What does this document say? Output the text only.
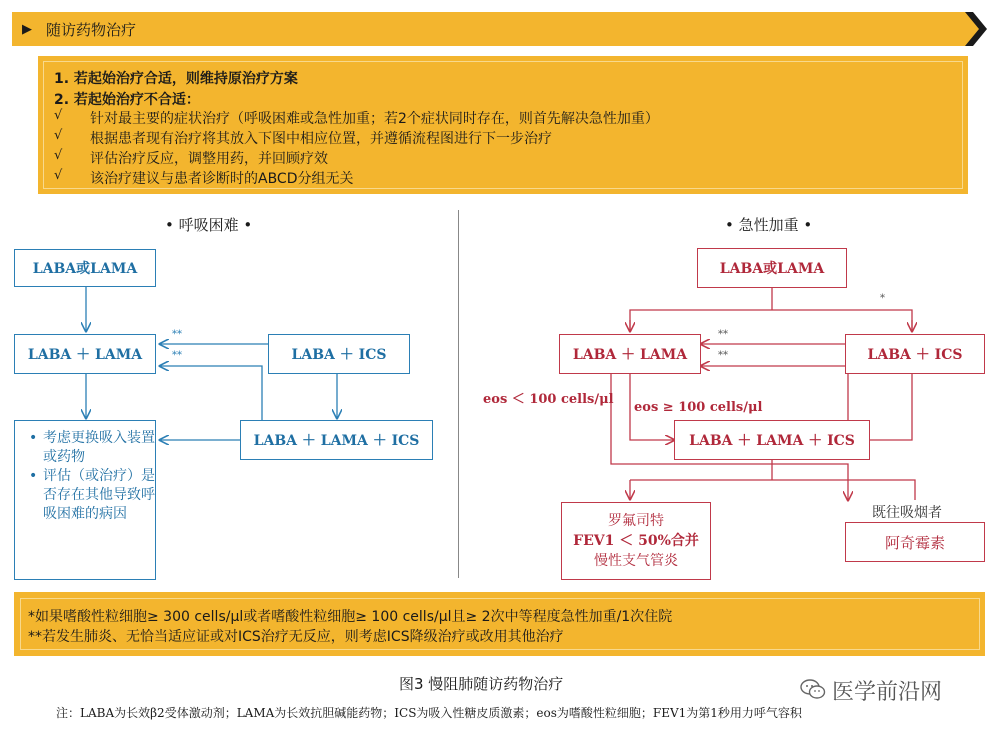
▶ 随访药物治疗
1. 若起始治疗合适，则维持原治疗方案
2. 若起始治疗不合适：
√ 针对最主要的症状治疗（呼吸困难或急性加重；若2个症状同时存在，则首先解决急性加重）
√ 根据患者现有治疗将其放入下图中相应位置，并遵循流程图进行下一步治疗
√ 评估治疗反应，调整用药，并回顾疗效
√ 该治疗建议与患者诊断时的ABCD分组无关
• 呼吸困难 •	• 急性加重 •
LABA或LAMA
LABA ＋ LAMA	LABA ＋ ICS
LABA ＋ LAMA ＋ ICS
**
**
• 考虑更换吸入装置或药物
• 评估（或治疗）是否存在其他导致呼吸困难的病因
LABA或LAMA
LABA ＋ LAMA	LABA ＋ ICS
LABA ＋ LAMA ＋ ICS
*
**
**
eos ＜ 100 cells/μl
eos ≥ 100 cells/μl
罗氟司特
FEV1 ＜ 50%合并
慢性支气管炎
既往吸烟者
阿奇霉素
*如果嗜酸性粒细胞≥ 300 cells/μl或者嗜酸性粒细胞≥ 100 cells/μl且≥ 2次中等程度急性加重/1次住院
**若发生肺炎、无恰当适应证或对ICS治疗无反应，则考虑ICS降级治疗或改用其他治疗
图3 慢阻肺随访药物治疗	医学前沿网
注：LABA为长效β2受体激动剂；LAMA为长效抗胆碱能药物；ICS为吸入性糖皮质激素；eos为嗜酸性粒细胞；FEV1为第1秒用力呼气容积
